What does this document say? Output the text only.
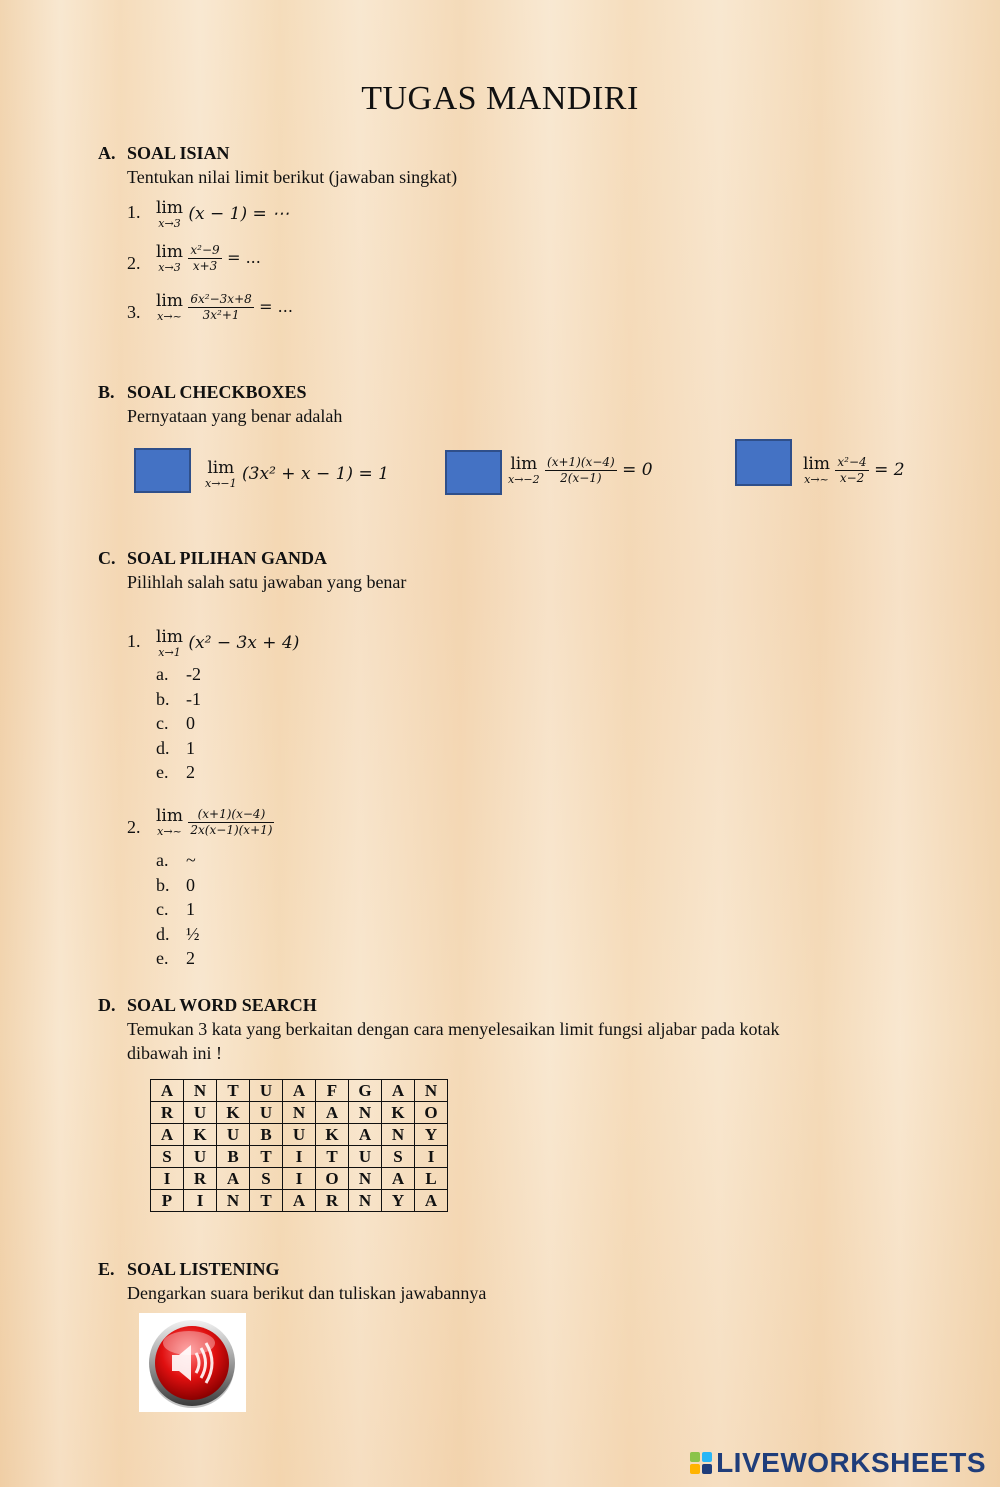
TUGAS MANDIRI
A. SOAL ISIAN
Tentukan nilai limit berikut (jawaban singkat)
1. lim
x→3 (x − 1) = ⋯
2.
lim
x→3
$\frac{\text{x²−9}}{x+3}$ = ...
3.
lim
x→~
$\frac{\text{6x²−3x+8}}{\text{3x²+1}}$ = ...
B. SOAL CHECKBOXES
Pernyataan yang benar adalah
lim
x→−1 (3x² + x − 1) = 1	lim
x→−2
$\frac{(x+1)(x-4)}{2(x-1)} = 0$	lim
x→~
$\frac{\text{x²−4}}{x-2} = 2$
C. SOAL PILIHAN GANDA
Pilihlah salah satu jawaban yang benar
1. lim
x→1 (x² − 3x + 4)
a. -2
b. -1
c. 0
d. 1
e. 2
2.
lim
x→~
$\frac{(x+1)(x-4)}{2x(x-1)(x+1)}$
a. ~
b. 0
c. 1
d. ½
e. 2
D. SOAL WORD SEARCH
Temukan 3 kata yang berkaitan dengan cara menyelesaikan limit fungsi aljabar pada kotak
dibawah ini !
A	N	T	U	A	F	G	A	N
R	U	K	U	N	A	N	K	O
A	K	U	B	U	K	A	N	Y
S	U	B	T	I	T	U	S	I
I	R	A	S	I	O	N	A	L
P	I	N	T	A	R	N	Y	A
E. SOAL LISTENING
Dengarkan suara berikut dan tuliskan jawabannya
LIVEWORKSHEETS
